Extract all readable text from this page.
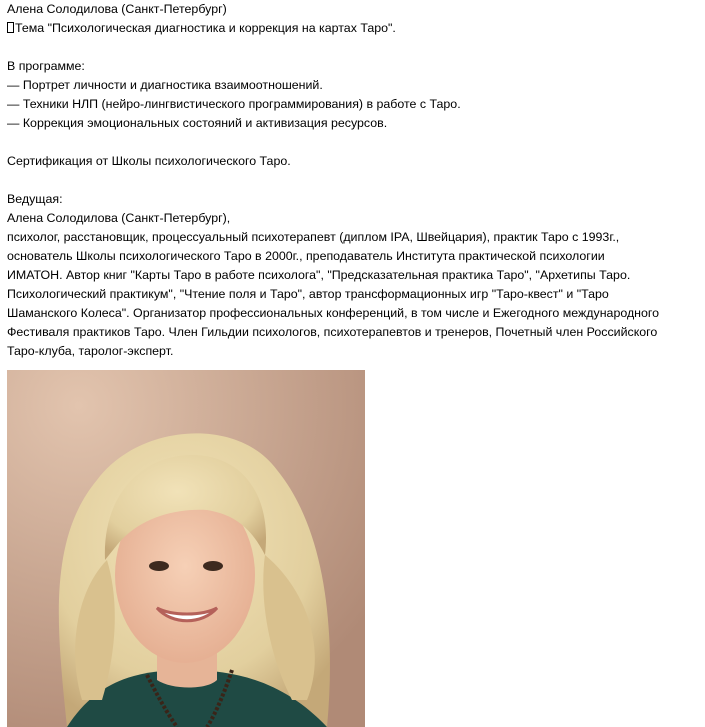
Алена Солодилова (Санкт-Петербург)
Тема "Психологическая диагностика и коррекция на картах Таро".
В программе:
— Портрет личности и диагностика взаимоотношений.
— Техники НЛП (нейро-лингвистического программирования) в работе с Таро.
— Коррекция эмоциональных состояний и активизация ресурсов.
Сертификация от Школы психологического Таро.
Ведущая:
Алена Солодилова (Санкт-Петербург),
психолог, расстановщик, процессуальный психотерапевт (диплом IPA, Швейцария), практик Таро с 1993г.,
основатель Школы психологического Таро в 2000г., преподаватель Института практической психологии
ИМАТОН. Автор книг "Карты Таро в работе психолога", "Предсказательная практика Таро", "Архетипы Таро.
Психологический практикум", "Чтение поля и Таро", автор трансформационных игр "Таро-квест" и "Таро
Шаманского Колеса". Организатор профессиональных конференций, в том числе и Ежегодного международного
Фестиваля практиков Таро. Член Гильдии психологов, психотерапевтов и тренеров, Почетный член Российского
Таро-клуба, таролог-эксперт.
